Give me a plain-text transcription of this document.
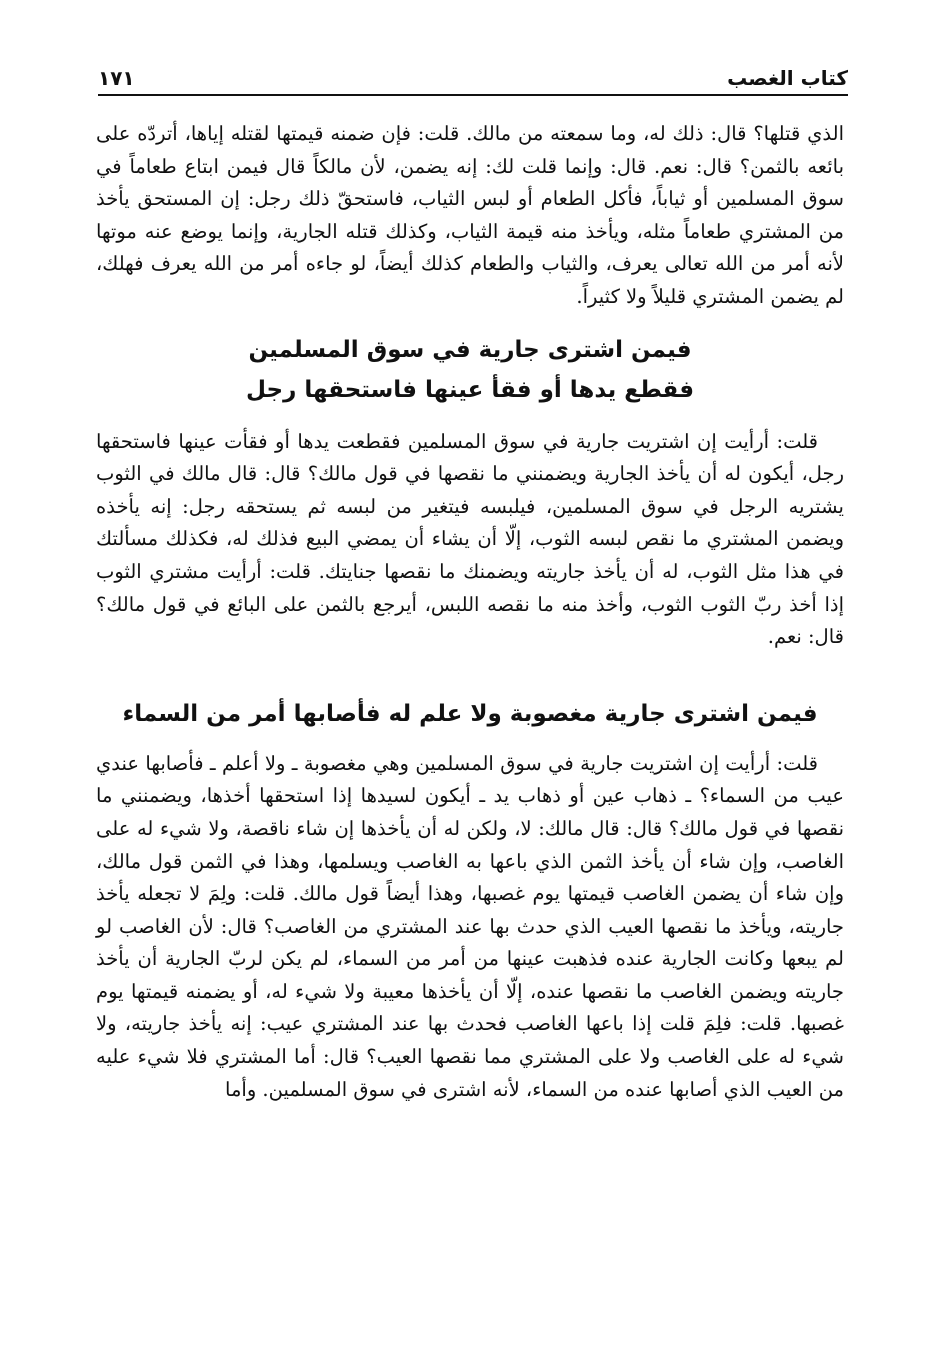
كتاب الغصب
١٧١

الذي قتلها؟ قال: ذلك له، وما سمعته من مالك. قلت: فإن ضمنه قيمتها لقتله إياها، أتردّه على بائعه بالثمن؟ قال: نعم. قال: وإنما قلت لك: إنه يضمن، لأن مالكاً قال فيمن ابتاع طعاماً في سوق المسلمين أو ثياباً، فأكل الطعام أو لبس الثياب، فاستحقّ ذلك رجل: إن المستحق يأخذ من المشتري طعاماً مثله، ويأخذ منه قيمة الثياب، وكذلك قتله الجارية، وإنما يوضع عنه موتها لأنه أمر من الله تعالى يعرف، والثياب والطعام كذلك أيضاً، لو جاءه أمر من الله يعرف فهلك، لم يضمن المشتري قليلاً ولا كثيراً.

فيمن اشترى جارية في سوق المسلمين فقطع يدها أو فقأ عينها فاستحقها رجل

قلت: أرأيت إن اشتريت جارية في سوق المسلمين فقطعت يدها أو فقأت عينها فاستحقها رجل، أيكون له أن يأخذ الجارية ويضمنني ما نقصها في قول مالك؟ قال: قال مالك في الثوب يشتريه الرجل في سوق المسلمين، فيلبسه فيتغير من لبسه ثم يستحقه رجل: إنه يأخذه ويضمن المشتري ما نقص لبسه الثوب، إلّا أن يشاء أن يمضي البيع فذلك له، فكذلك مسألتك في هذا مثل الثوب، له أن يأخذ جاريته ويضمنك ما نقصها جنايتك. قلت: أرأيت مشتري الثوب إذا أخذ ربّ الثوب الثوب، وأخذ منه ما نقصه اللبس، أيرجع بالثمن على البائع في قول مالك؟ قال: نعم.

فيمن اشترى جارية مغصوبة ولا علم له فأصابها أمر من السماء

قلت: أرأيت إن اشتريت جارية في سوق المسلمين وهي مغصوبة ـ ولا أعلم ـ فأصابها عندي عيب من السماء؟ ـ ذهاب عين أو ذهاب يد ـ أيكون لسيدها إذا استحقها أخذها، ويضمنني ما نقصها في قول مالك؟ قال: قال مالك: لا، ولكن له أن يأخذها إن شاء ناقصة، ولا شيء له على الغاصب، وإن شاء أن يأخذ الثمن الذي باعها به الغاصب ويسلمها، وهذا في الثمن قول مالك، وإن شاء أن يضمن الغاصب قيمتها يوم غصبها، وهذا أيضاً قول مالك. قلت: ولِمَ لا تجعله يأخذ جاريته، ويأخذ ما نقصها العيب الذي حدث بها عند المشتري من الغاصب؟ قال: لأن الغاصب لو لم يبعها وكانت الجارية عنده فذهبت عينها من أمر من السماء، لم يكن لربّ الجارية أن يأخذ جاريته ويضمن الغاصب ما نقصها عنده، إلّا أن يأخذها معيبة ولا شيء له، أو يضمنه قيمتها يوم غصبها. قلت: فلِمَ قلت إذا باعها الغاصب فحدث بها عند المشتري عيب: إنه يأخذ جاريته، ولا شيء له على الغاصب ولا على المشتري مما نقصها العيب؟ قال: أما المشتري فلا شيء عليه من العيب الذي أصابها عنده من السماء، لأنه اشترى في سوق المسلمين. وأما
